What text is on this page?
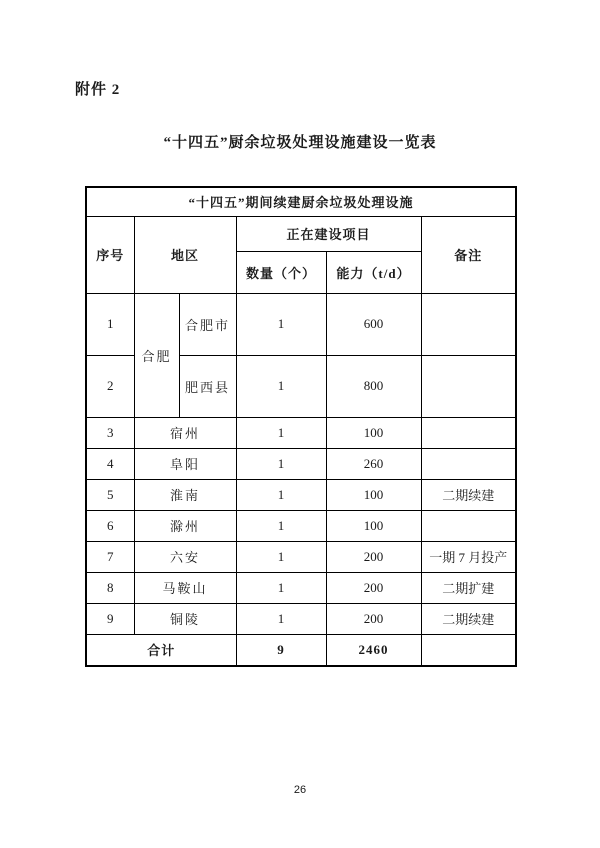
附件 2
“十四五”厨余垃圾处理设施建设一览表
“十四五”期间续建厨余垃圾处理设施					
序号	地区		正在建设项目		备注
			数量（个）	能力（t/d）	
1	合肥	合肥市	1	600	
2		肥西县	1	800	
3	宿州		1	100	
4	阜阳		1	260	
5	淮南		1	100	二期续建
6	滁州		1	100	
7	六安		1	200	一期 7 月投产
8	马鞍山		1	200	二期扩建
9	铜陵		1	200	二期续建
合计			9	2460	
26
